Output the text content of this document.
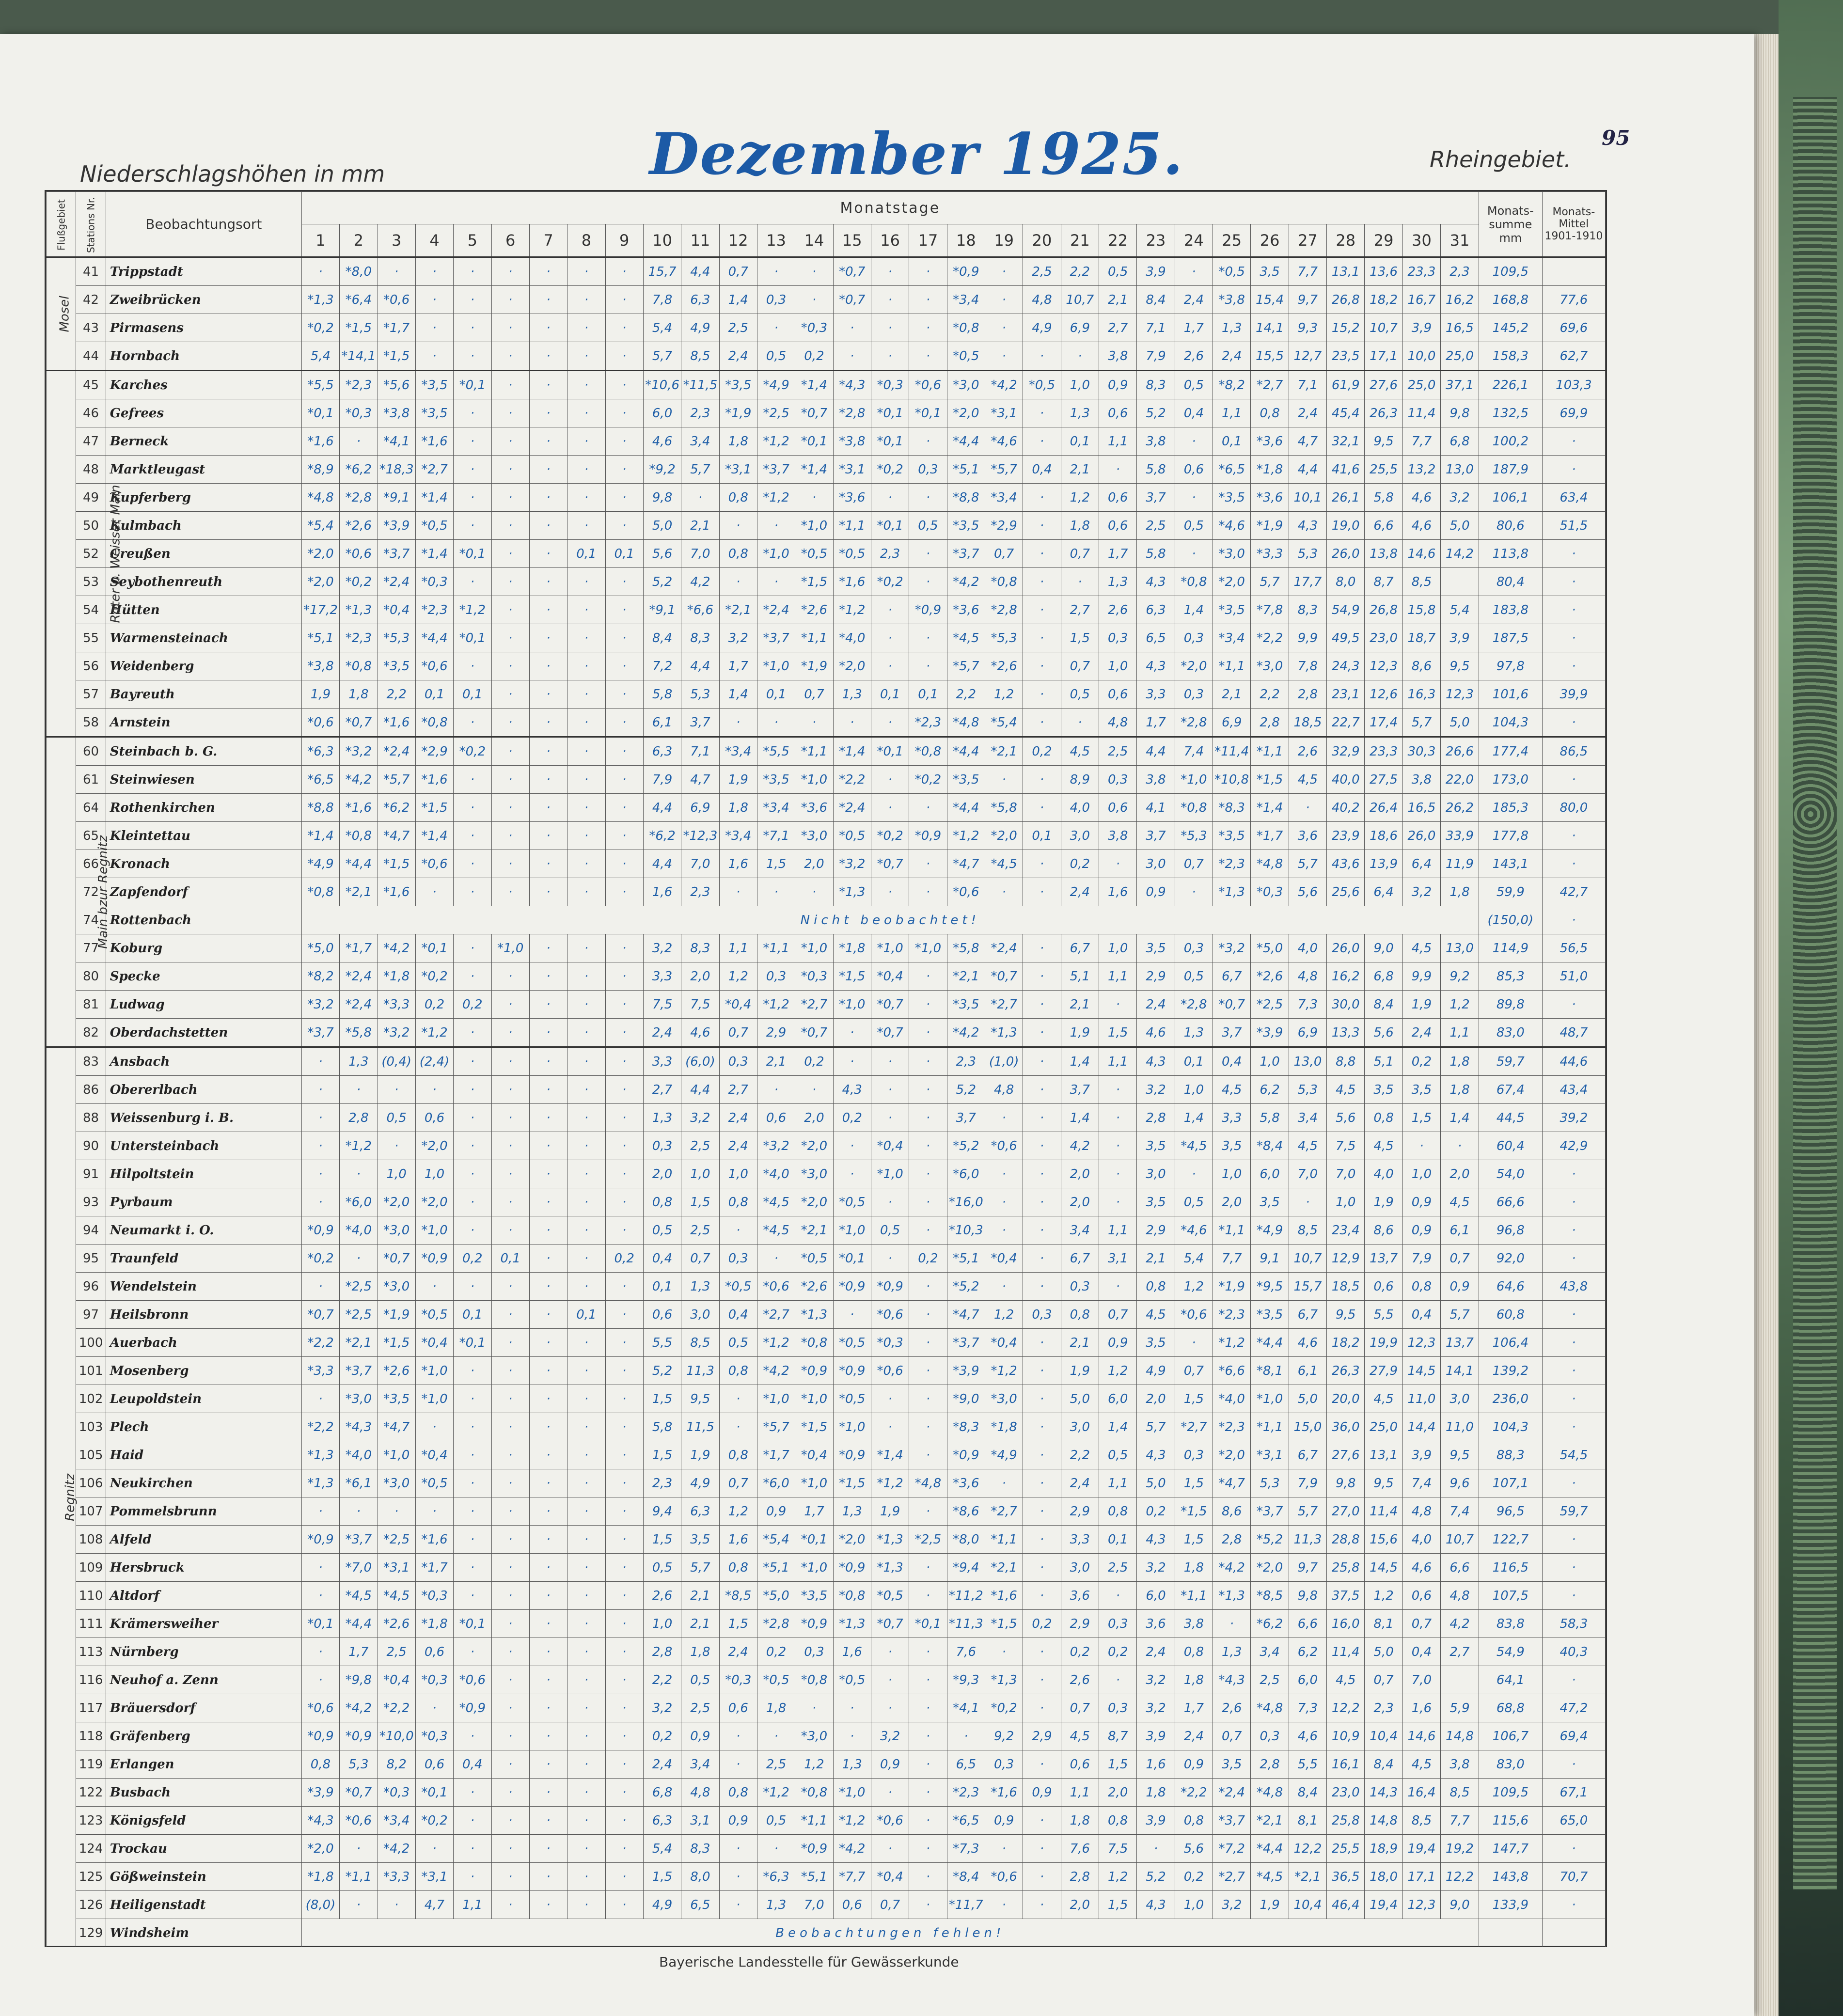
Dezember 1925.	95
Niederschlagshöhen in mm
Rheingebiet.
Flußgebiet	Stations Nr.	Beobachtungsort	Monatstage																															Monats-summe mm	Monats-Mittel 1901-1910
			1	2	3	4	5	6	7	8	9	10	11	12	13	14	15	16	17	18	19	20	21	22	23	24	25	26	27	28	29	30	31		
Mosel	41	Trippstadt	·	*8,0	·	·	·	·	·	·	·	15,7	4,4	0,7	·	·	*0,7	·	·	*0,9	·	2,5	2,2	0,5	3,9	·	*0,5	3,5	7,7	13,1	13,6	23,3	2,3	109,5	
	42	Zweibrücken	*1,3	*6,4	*0,6	·	·	·	·	·	·	7,8	6,3	1,4	0,3	·	*0,7	·	·	*3,4	·	4,8	10,7	2,1	8,4	2,4	*3,8	15,4	9,7	26,8	18,2	16,7	16,2	168,8	77,6
	43	Pirmasens	*0,2	*1,5	*1,7	·	·	·	·	·	·	5,4	4,9	2,5	·	*0,3	·	·	·	*0,8	·	4,9	6,9	2,7	7,1	1,7	1,3	14,1	9,3	15,2	10,7	3,9	16,5	145,2	69,6
	44	Hornbach	5,4	*14,1	*1,5	·	·	·	·	·	·	5,7	8,5	2,4	0,5	0,2	·	·	·	*0,5	·	·	·	3,8	7,9	2,6	2,4	15,5	12,7	23,5	17,1	10,0	25,0	158,3	62,7
Roter u. Weisser Main	45	Karches	*5,5	*2,3	*5,6	*3,5	*0,1	·	·	·	·	*10,6	*11,5	*3,5	*4,9	*1,4	*4,3	*0,3	*0,6	*3,0	*4,2	*0,5	1,0	0,9	8,3	0,5	*8,2	*2,7	7,1	61,9	27,6	25,0	37,1	226,1	103,3
	46	Gefrees	*0,1	*0,3	*3,8	*3,5	·	·	·	·	·	6,0	2,3	*1,9	*2,5	*0,7	*2,8	*0,1	*0,1	*2,0	*3,1	·	1,3	0,6	5,2	0,4	1,1	0,8	2,4	45,4	26,3	11,4	9,8	132,5	69,9
	47	Berneck	*1,6	·	*4,1	*1,6	·	·	·	·	·	4,6	3,4	1,8	*1,2	*0,1	*3,8	*0,1	·	*4,4	*4,6	·	0,1	1,1	3,8	·	0,1	*3,6	4,7	32,1	9,5	7,7	6,8	100,2	·
	48	Marktleugast	*8,9	*6,2	*18,3	*2,7	·	·	·	·	·	*9,2	5,7	*3,1	*3,7	*1,4	*3,1	*0,2	0,3	*5,1	*5,7	0,4	2,1	·	5,8	0,6	*6,5	*1,8	4,4	41,6	25,5	13,2	13,0	187,9	·
	49	Kupferberg	*4,8	*2,8	*9,1	*1,4	·	·	·	·	·	9,8	·	0,8	*1,2	·	*3,6	·	·	*8,8	*3,4	·	1,2	0,6	3,7	·	*3,5	*3,6	10,1	26,1	5,8	4,6	3,2	106,1	63,4
	50	Kulmbach	*5,4	*2,6	*3,9	*0,5	·	·	·	·	·	5,0	2,1	·	·	*1,0	*1,1	*0,1	0,5	*3,5	*2,9	·	1,8	0,6	2,5	0,5	*4,6	*1,9	4,3	19,0	6,6	4,6	5,0	80,6	51,5
	52	Creußen	*2,0	*0,6	*3,7	*1,4	*0,1	·	·	0,1	0,1	5,6	7,0	0,8	*1,0	*0,5	*0,5	2,3	·	*3,7	0,7	·	0,7	1,7	5,8	·	*3,0	*3,3	5,3	26,0	13,8	14,6	14,2	113,8	·
	53	Seybothenreuth	*2,0	*0,2	*2,4	*0,3	·	·	·	·	·	5,2	4,2	·	·	*1,5	*1,6	*0,2	·	*4,2	*0,8	·	·	1,3	4,3	*0,8	*2,0	5,7	17,7	8,0	8,7	8,5		80,4	·
	54	Hütten	*17,2	*1,3	*0,4	*2,3	*1,2	·	·	·	·	*9,1	*6,6	*2,1	*2,4	*2,6	*1,2	·	*0,9	*3,6	*2,8	·	2,7	2,6	6,3	1,4	*3,5	*7,8	8,3	54,9	26,8	15,8	5,4	183,8	·
	55	Warmensteinach	*5,1	*2,3	*5,3	*4,4	*0,1	·	·	·	·	8,4	8,3	3,2	*3,7	*1,1	*4,0	·	·	*4,5	*5,3	·	1,5	0,3	6,5	0,3	*3,4	*2,2	9,9	49,5	23,0	18,7	3,9	187,5	·
	56	Weidenberg	*3,8	*0,8	*3,5	*0,6	·	·	·	·	·	7,2	4,4	1,7	*1,0	*1,9	*2,0	·	·	*5,7	*2,6	·	0,7	1,0	4,3	*2,0	*1,1	*3,0	7,8	24,3	12,3	8,6	9,5	97,8	·
	57	Bayreuth	1,9	1,8	2,2	0,1	0,1	·	·	·	·	5,8	5,3	1,4	0,1	0,7	1,3	0,1	0,1	2,2	1,2	·	0,5	0,6	3,3	0,3	2,1	2,2	2,8	23,1	12,6	16,3	12,3	101,6	39,9
	58	Arnstein	*0,6	*0,7	*1,6	*0,8	·	·	·	·	·	6,1	3,7	·	·	·	·	·	*2,3	*4,8	*5,4	·	·	4,8	1,7	*2,8	6,9	2,8	18,5	22,7	17,4	5,7	5,0	104,3	·
Main bzur Regnitz	60	Steinbach b. G.	*6,3	*3,2	*2,4	*2,9	*0,2	·	·	·	·	6,3	7,1	*3,4	*5,5	*1,1	*1,4	*0,1	*0,8	*4,4	*2,1	0,2	4,5	2,5	4,4	7,4	*11,4	*1,1	2,6	32,9	23,3	30,3	26,6	177,4	86,5
	61	Steinwiesen	*6,5	*4,2	*5,7	*1,6	·	·	·	·	·	7,9	4,7	1,9	*3,5	*1,0	*2,2	·	*0,2	*3,5	·	·	8,9	0,3	3,8	*1,0	*10,8	*1,5	4,5	40,0	27,5	3,8	22,0	173,0	·
	64	Rothenkirchen	*8,8	*1,6	*6,2	*1,5	·	·	·	·	·	4,4	6,9	1,8	*3,4	*3,6	*2,4	·	·	*4,4	*5,8	·	4,0	0,6	4,1	*0,8	*8,3	*1,4	·	40,2	26,4	16,5	26,2	185,3	80,0
	65	Kleintettau	*1,4	*0,8	*4,7	*1,4	·	·	·	·	·	*6,2	*12,3	*3,4	*7,1	*3,0	*0,5	*0,2	*0,9	*1,2	*2,0	0,1	3,0	3,8	3,7	*5,3	*3,5	*1,7	3,6	23,9	18,6	26,0	33,9	177,8	·
	66	Kronach	*4,9	*4,4	*1,5	*0,6	·	·	·	·	·	4,4	7,0	1,6	1,5	2,0	*3,2	*0,7	·	*4,7	*4,5	·	0,2	·	3,0	0,7	*2,3	*4,8	5,7	43,6	13,9	6,4	11,9	143,1	·
	72	Zapfendorf	*0,8	*2,1	*1,6	·	·	·	·	·	·	1,6	2,3	·	·	·	*1,3	·	·	*0,6	·	·	2,4	1,6	0,9	·	*1,3	*0,3	5,6	25,6	6,4	3,2	1,8	59,9	42,7
	74	Rottenbach	Nicht beobachtet!																															(150,0)	·
	77	Koburg	*5,0	*1,7	*4,2	*0,1	·	*1,0	·	·	·	3,2	8,3	1,1	*1,1	*1,0	*1,8	*1,0	*1,0	*5,8	*2,4	·	6,7	1,0	3,5	0,3	*3,2	*5,0	4,0	26,0	9,0	4,5	13,0	114,9	56,5
	80	Specke	*8,2	*2,4	*1,8	*0,2	·	·	·	·	·	3,3	2,0	1,2	0,3	*0,3	*1,5	*0,4	·	*2,1	*0,7	·	5,1	1,1	2,9	0,5	6,7	*2,6	4,8	16,2	6,8	9,9	9,2	85,3	51,0
	81	Ludwag	*3,2	*2,4	*3,3	0,2	0,2	·	·	·	·	7,5	7,5	*0,4	*1,2	*2,7	*1,0	*0,7	·	*3,5	*2,7	·	2,1	·	2,4	*2,8	*0,7	*2,5	7,3	30,0	8,4	1,9	1,2	89,8	·
	82	Oberdachstetten	*3,7	*5,8	*3,2	*1,2	·	·	·	·	·	2,4	4,6	0,7	2,9	*0,7	·	*0,7	·	*4,2	*1,3	·	1,9	1,5	4,6	1,3	3,7	*3,9	6,9	13,3	5,6	2,4	1,1	83,0	48,7
Regnitz	83	Ansbach	·	1,3	(0,4)	(2,4)	·	·	·	·	·	3,3	(6,0)	0,3	2,1	0,2	·	·	·	2,3	(1,0)	·	1,4	1,1	4,3	0,1	0,4	1,0	13,0	8,8	5,1	0,2	1,8	59,7	44,6
	86	Obererlbach	·	·	·	·	·	·	·	·	·	2,7	4,4	2,7	·	·	4,3	·	·	5,2	4,8	·	3,7	·	3,2	1,0	4,5	6,2	5,3	4,5	3,5	3,5	1,8	67,4	43,4
	88	Weissenburg i. B.	·	2,8	0,5	0,6	·	·	·	·	·	1,3	3,2	2,4	0,6	2,0	0,2	·	·	3,7	·	·	1,4	·	2,8	1,4	3,3	5,8	3,4	5,6	0,8	1,5	1,4	44,5	39,2
	90	Untersteinbach	·	*1,2	·	*2,0	·	·	·	·	·	0,3	2,5	2,4	*3,2	*2,0	·	*0,4	·	*5,2	*0,6	·	4,2	·	3,5	*4,5	3,5	*8,4	4,5	7,5	4,5	·	·	60,4	42,9
	91	Hilpoltstein	·	·	1,0	1,0	·	·	·	·	·	2,0	1,0	1,0	*4,0	*3,0	·	*1,0	·	*6,0	·	·	2,0	·	3,0	·	1,0	6,0	7,0	7,0	4,0	1,0	2,0	54,0	·
	93	Pyrbaum	·	*6,0	*2,0	*2,0	·	·	·	·	·	0,8	1,5	0,8	*4,5	*2,0	*0,5	·	·	*16,0	·	·	2,0	·	3,5	0,5	2,0	3,5	·	1,0	1,9	0,9	4,5	66,6	·
	94	Neumarkt i. O.	*0,9	*4,0	*3,0	*1,0	·	·	·	·	·	0,5	2,5	·	*4,5	*2,1	*1,0	0,5	·	*10,3	·	·	3,4	1,1	2,9	*4,6	*1,1	*4,9	8,5	23,4	8,6	0,9	6,1	96,8	·
	95	Traunfeld	*0,2	·	*0,7	*0,9	0,2	0,1	·	·	0,2	0,4	0,7	0,3	·	*0,5	*0,1	·	0,2	*5,1	*0,4	·	6,7	3,1	2,1	5,4	7,7	9,1	10,7	12,9	13,7	7,9	0,7	92,0	·
	96	Wendelstein	·	*2,5	*3,0	·	·	·	·	·	·	0,1	1,3	*0,5	*0,6	*2,6	*0,9	*0,9	·	*5,2	·	·	0,3	·	0,8	1,2	*1,9	*9,5	15,7	18,5	0,6	0,8	0,9	64,6	43,8
	97	Heilsbronn	*0,7	*2,5	*1,9	*0,5	0,1	·	·	0,1	·	0,6	3,0	0,4	*2,7	*1,3	·	*0,6	·	*4,7	1,2	0,3	0,8	0,7	4,5	*0,6	*2,3	*3,5	6,7	9,5	5,5	0,4	5,7	60,8	·
	100	Auerbach	*2,2	*2,1	*1,5	*0,4	*0,1	·	·	·	·	5,5	8,5	0,5	*1,2	*0,8	*0,5	*0,3	·	*3,7	*0,4	·	2,1	0,9	3,5	·	*1,2	*4,4	4,6	18,2	19,9	12,3	13,7	106,4	·
	101	Mosenberg	*3,3	*3,7	*2,6	*1,0	·	·	·	·	·	5,2	11,3	0,8	*4,2	*0,9	*0,9	*0,6	·	*3,9	*1,2	·	1,9	1,2	4,9	0,7	*6,6	*8,1	6,1	26,3	27,9	14,5	14,1	139,2	·
	102	Leupoldstein	·	*3,0	*3,5	*1,0	·	·	·	·	·	1,5	9,5	·	*1,0	*1,0	*0,5	·	·	*9,0	*3,0	·	5,0	6,0	2,0	1,5	*4,0	*1,0	5,0	20,0	4,5	11,0	3,0	236,0	·
	103	Plech	*2,2	*4,3	*4,7	·	·	·	·	·	·	5,8	11,5	·	*5,7	*1,5	*1,0	·	·	*8,3	*1,8	·	3,0	1,4	5,7	*2,7	*2,3	*1,1	15,0	36,0	25,0	14,4	11,0	104,3	·
	105	Haid	*1,3	*4,0	*1,0	*0,4	·	·	·	·	·	1,5	1,9	0,8	*1,7	*0,4	*0,9	*1,4	·	*0,9	*4,9	·	2,2	0,5	4,3	0,3	*2,0	*3,1	6,7	27,6	13,1	3,9	9,5	88,3	54,5
	106	Neukirchen	*1,3	*6,1	*3,0	*0,5	·	·	·	·	·	2,3	4,9	0,7	*6,0	*1,0	*1,5	*1,2	*4,8	*3,6	·	·	2,4	1,1	5,0	1,5	*4,7	5,3	7,9	9,8	9,5	7,4	9,6	107,1	·
	107	Pommelsbrunn	·	·	·	·	·	·	·	·	·	9,4	6,3	1,2	0,9	1,7	1,3	1,9	·	*8,6	*2,7	·	2,9	0,8	0,2	*1,5	8,6	*3,7	5,7	27,0	11,4	4,8	7,4	96,5	59,7
	108	Alfeld	*0,9	*3,7	*2,5	*1,6	·	·	·	·	·	1,5	3,5	1,6	*5,4	*0,1	*2,0	*1,3	*2,5	*8,0	*1,1	·	3,3	0,1	4,3	1,5	2,8	*5,2	11,3	28,8	15,6	4,0	10,7	122,7	·
	109	Hersbruck	·	*7,0	*3,1	*1,7	·	·	·	·	·	0,5	5,7	0,8	*5,1	*1,0	*0,9	*1,3	·	*9,4	*2,1	·	3,0	2,5	3,2	1,8	*4,2	*2,0	9,7	25,8	14,5	4,6	6,6	116,5	·
	110	Altdorf	·	*4,5	*4,5	*0,3	·	·	·	·	·	2,6	2,1	*8,5	*5,0	*3,5	*0,8	*0,5	·	*11,2	*1,6	·	3,6	·	6,0	*1,1	*1,3	*8,5	9,8	37,5	1,2	0,6	4,8	107,5	·
	111	Krämersweiher	*0,1	*4,4	*2,6	*1,8	*0,1	·	·	·	·	1,0	2,1	1,5	*2,8	*0,9	*1,3	*0,7	*0,1	*11,3	*1,5	0,2	2,9	0,3	3,6	3,8	·	*6,2	6,6	16,0	8,1	0,7	4,2	83,8	58,3
	113	Nürnberg	·	1,7	2,5	0,6	·	·	·	·	·	2,8	1,8	2,4	0,2	0,3	1,6	·	·	7,6	·	·	0,2	0,2	2,4	0,8	1,3	3,4	6,2	11,4	5,0	0,4	2,7	54,9	40,3
	116	Neuhof a. Zenn	·	*9,8	*0,4	*0,3	*0,6	·	·	·	·	2,2	0,5	*0,3	*0,5	*0,8	*0,5	·	·	*9,3	*1,3	·	2,6	·	3,2	1,8	*4,3	2,5	6,0	4,5	0,7	7,0		64,1	·
	117	Bräuersdorf	*0,6	*4,2	*2,2	·	*0,9	·	·	·	·	3,2	2,5	0,6	1,8	·	·	·	·	*4,1	*0,2	·	0,7	0,3	3,2	1,7	2,6	*4,8	7,3	12,2	2,3	1,6	5,9	68,8	47,2
	118	Gräfenberg	*0,9	*0,9	*10,0	*0,3	·	·	·	·	·	0,2	0,9	·	·	*3,0	·	3,2	·	·	9,2	2,9	4,5	8,7	3,9	2,4	0,7	0,3	4,6	10,9	10,4	14,6	14,8	106,7	69,4
	119	Erlangen	0,8	5,3	8,2	0,6	0,4	·	·	·	·	2,4	3,4	·	2,5	1,2	1,3	0,9	·	6,5	0,3	·	0,6	1,5	1,6	0,9	3,5	2,8	5,5	16,1	8,4	4,5	3,8	83,0	·
	122	Busbach	*3,9	*0,7	*0,3	*0,1	·	·	·	·	·	6,8	4,8	0,8	*1,2	*0,8	*1,0	·	·	*2,3	*1,6	0,9	1,1	2,0	1,8	*2,2	*2,4	*4,8	8,4	23,0	14,3	16,4	8,5	109,5	67,1
	123	Königsfeld	*4,3	*0,6	*3,4	*0,2	·	·	·	·	·	6,3	3,1	0,9	0,5	*1,1	*1,2	*0,6	·	*6,5	0,9	·	1,8	0,8	3,9	0,8	*3,7	*2,1	8,1	25,8	14,8	8,5	7,7	115,6	65,0
	124	Trockau	*2,0	·	*4,2	·	·	·	·	·	·	5,4	8,3	·	·	*0,9	*4,2	·	·	*7,3	·	·	7,6	7,5	·	5,6	*7,2	*4,4	12,2	25,5	18,9	19,4	19,2	147,7	·
	125	Gößweinstein	*1,8	*1,1	*3,3	*3,1	·	·	·	·	·	1,5	8,0	·	*6,3	*5,1	*7,7	*0,4	·	*8,4	*0,6	·	2,8	1,2	5,2	0,2	*2,7	*4,5	*2,1	36,5	18,0	17,1	12,2	143,8	70,7
	126	Heiligenstadt	(8,0)	·	·	4,7	1,1	·	·	·	·	4,9	6,5	·	1,3	7,0	0,6	0,7	·	*11,7	·	·	2,0	1,5	4,3	1,0	3,2	1,9	10,4	46,4	19,4	12,3	9,0	133,9	·
	129	Windsheim	Beobachtungen fehlen!																																
Bayerische Landesstelle für Gewässerkunde
